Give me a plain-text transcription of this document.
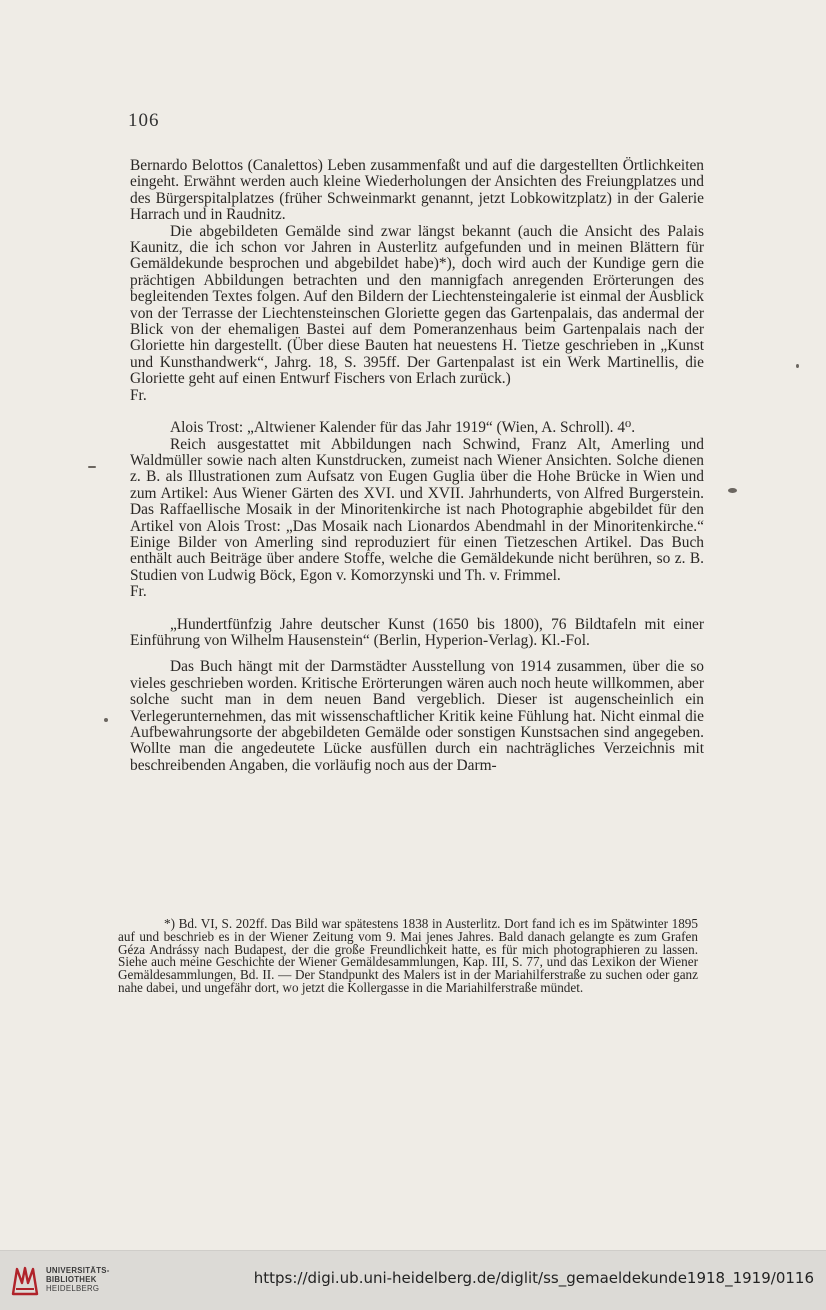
106

Bernardo Belottos (Canalettos) Leben zusammenfaßt und auf die dargestellten Örtlichkeiten eingeht. Erwähnt werden auch kleine Wiederholungen der Ansichten des Freiungplatzes und des Bürgerspitalplatzes (früher Schweinmarkt genannt, jetzt Lobkowitzplatz) in der Galerie Harrach und in Raudnitz.

Die abgebildeten Gemälde sind zwar längst bekannt (auch die Ansicht des Palais Kaunitz, die ich schon vor Jahren in Austerlitz aufgefunden und in meinen Blättern für Gemäldekunde besprochen und abgebildet habe)*), doch wird auch der Kundige gern die prächtigen Abbildungen betrachten und den mannigfach anregenden Erörterungen des begleitenden Textes folgen. Auf den Bildern der Liechtensteingalerie ist einmal der Ausblick von der Terrasse der Liechtensteinschen Gloriette gegen das Gartenpalais, das andermal der Blick von der ehemaligen Bastei auf dem Pomeranzenhaus beim Gartenpalais nach der Gloriette hin dargestellt. (Über diese Bauten hat neuestens H. Tietze geschrieben in „Kunst und Kunsthandwerk“, Jahrg. 18, S. 395ff. Der Gartenpalast ist ein Werk Martinellis, die Gloriette geht auf einen Entwurf Fischers von Erlach zurück.)

Fr.

Alois Trost: „Altwiener Kalender für das Jahr 1919“ (Wien, A. Schroll). 4⁰.

Reich ausgestattet mit Abbildungen nach Schwind, Franz Alt, Amerling und Waldmüller sowie nach alten Kunstdrucken, zumeist nach Wiener Ansichten. Solche dienen z. B. als Illustrationen zum Aufsatz von Eugen Guglia über die Hohe Brücke in Wien und zum Artikel: Aus Wiener Gärten des XVI. und XVII. Jahrhunderts, von Alfred Burgerstein. Das Raffaellische Mosaik in der Minoritenkirche ist nach Photographie abgebildet für den Artikel von Alois Trost: „Das Mosaik nach Lionardos Abendmahl in der Minoritenkirche.“ Einige Bilder von Amerling sind reproduziert für einen Tietzeschen Artikel. Das Buch enthält auch Beiträge über andere Stoffe, welche die Gemäldekunde nicht berühren, so z. B. Studien von Ludwig Böck, Egon v. Komorzynski und Th. v. Frimmel.

Fr.

„Hundertfünfzig Jahre deutscher Kunst (1650 bis 1800), 76 Bildtafeln mit einer Einführung von Wilhelm Hausenstein“ (Berlin, Hyperion-Verlag). Kl.-Fol.

Das Buch hängt mit der Darmstädter Ausstellung von 1914 zusammen, über die so vieles geschrieben worden. Kritische Erörterungen wären auch noch heute willkommen, aber solche sucht man in dem neuen Band vergeblich. Dieser ist augenscheinlich ein Verlegerunternehmen, das mit wissenschaftlicher Kritik keine Fühlung hat. Nicht einmal die Aufbewahrungsorte der abgebildeten Gemälde oder sonstigen Kunstsachen sind angegeben. Wollte man die angedeutete Lücke ausfüllen durch ein nachträgliches Verzeichnis mit beschreibenden Angaben, die vorläufig noch aus der Darm-

*) Bd. VI, S. 202ff. Das Bild war spätestens 1838 in Austerlitz. Dort fand ich es im Spätwinter 1895 auf und beschrieb es in der Wiener Zeitung vom 9. Mai jenes Jahres. Bald danach gelangte es zum Grafen Géza Andrássy nach Budapest, der die große Freundlichkeit hatte, es für mich photographieren zu lassen. Siehe auch meine Geschichte der Wiener Gemäldesammlungen, Kap. III, S. 77, und das Lexikon der Wiener Gemäldesammlungen, Bd. II. — Der Standpunkt des Malers ist in der Mariahilferstraße zu suchen oder ganz nahe dabei, und ungefähr dort, wo jetzt die Kollergasse in die Mariahilferstraße mündet.

UNIVERSITÄTS-
BIBLIOTHEK
HEIDELBERG
https://digi.ub.uni-heidelberg.de/diglit/ss_gemaeldekunde1918_1919/0116
